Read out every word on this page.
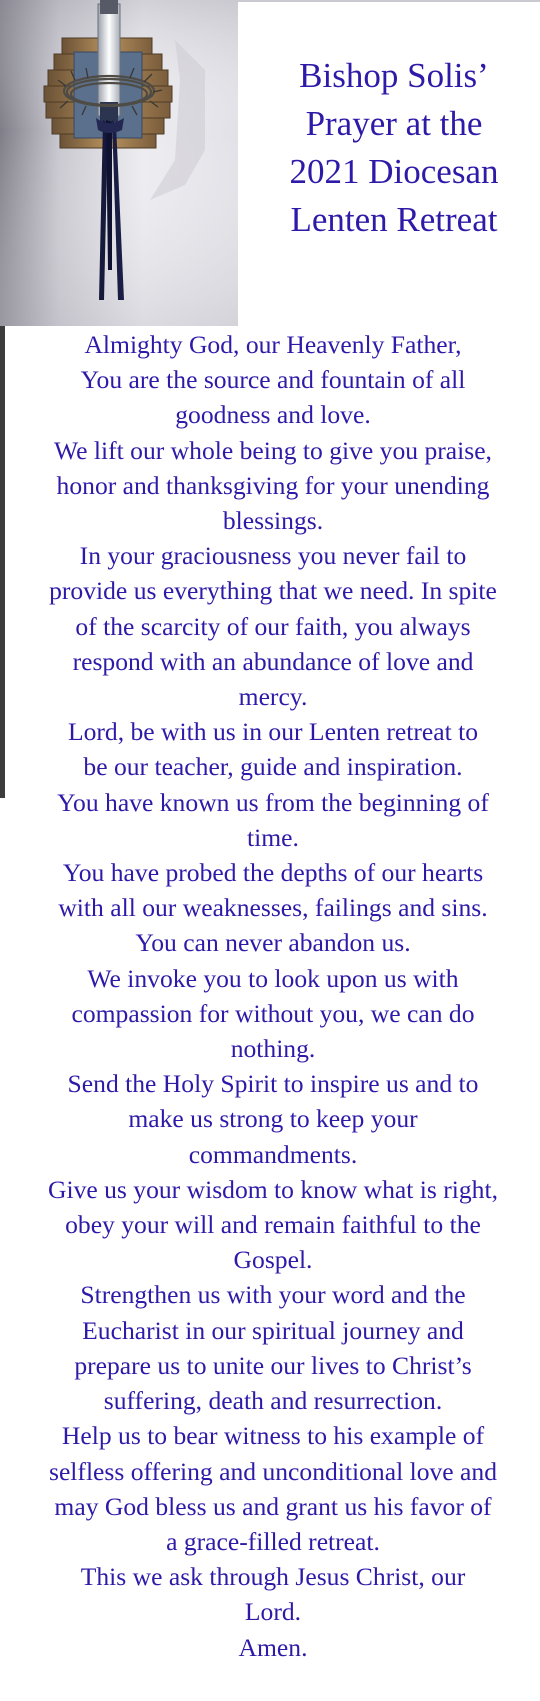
Bishop Solis’
Prayer at the
2021 Diocesan
Lenten Retreat
Almighty God, our Heavenly Father,
You are the source and fountain of all
goodness and love.
We lift our whole being to give you praise,
honor and thanksgiving for your unending
blessings.
In your graciousness you never fail to
provide us everything that we need. In spite
of the scarcity of our faith, you always
respond with an abundance of love and
mercy.
Lord, be with us in our Lenten retreat to
be our teacher, guide and inspiration.
You have known us from the beginning of
time.
You have probed the depths of our hearts
with all our weaknesses, failings and sins.
You can never abandon us.
We invoke you to look upon us with
compassion for without you, we can do
nothing.
Send the Holy Spirit to inspire us and to
make us strong to keep your
commandments.
Give us your wisdom to know what is right,
obey your will and remain faithful to the
Gospel.
Strengthen us with your word and the
Eucharist in our spiritual journey and
prepare us to unite our lives to Christ’s
suffering, death and resurrection.
Help us to bear witness to his example of
selfless offering and unconditional love and
may God bless us and grant us his favor of
a grace-filled retreat.
This we ask through Jesus Christ, our
Lord.
Amen.
